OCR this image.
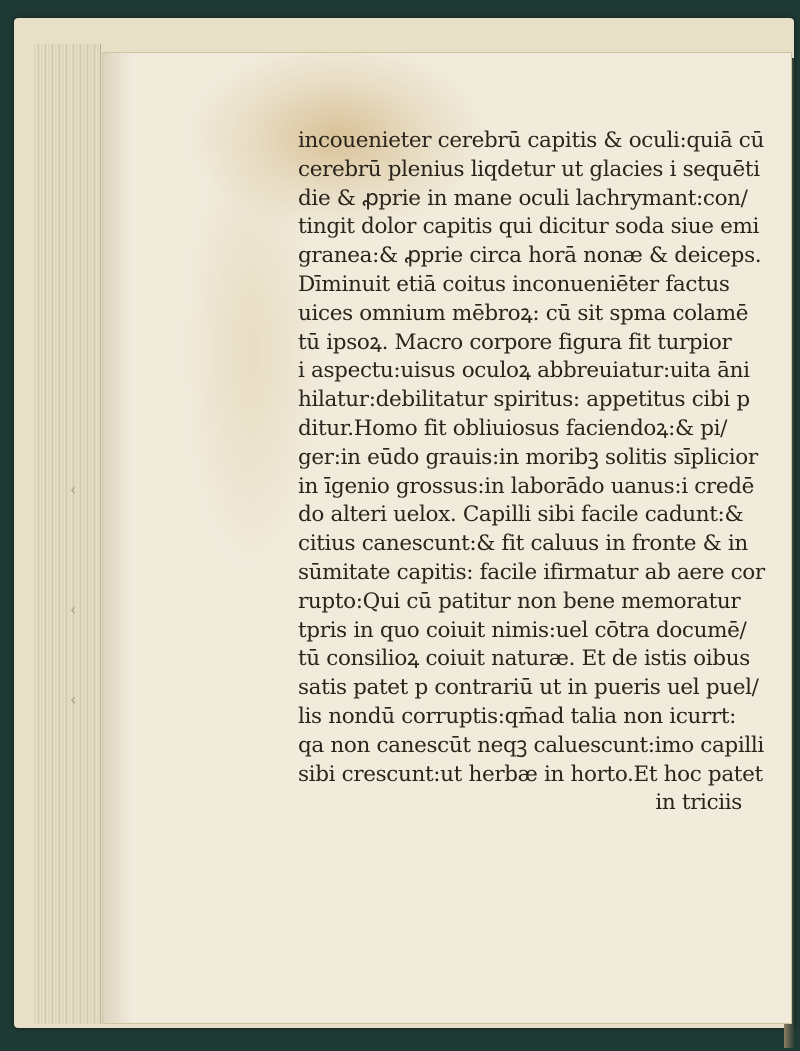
‹
‹
‹
incouenieter cerebrū capitis & oculi:quiā cū
cerebrū plenius liqdetur ut glacies i sequēti
die & ꝓprie in mane oculi lachrymant:con/
tingit dolor capitis qui dicitur soda siue emi
granea:& ꝓprie circa horā nonæ & deiceps.
Dīminuit etiā coitus inconueniēter factus
uices omnium mēbroꝝ: cū sit spma colamē
tū ipsoꝝ. Macro corpore figura fit turpior
i aspectu:uisus oculoꝝ abbreuiatur:uita āni
hilatur:debilitatur spiritus: appetitus cibi p
ditur.Homo fit obliuiosus faciendoꝝ:& pi/
ger:in eūdo grauis:in moribꝫ solitis sīplicior
in īgenio grossus:in laborādo uanus:i credē
do alteri uelox. Capilli sibi facile cadunt:&
citius canescunt:& fit caluus in fronte & in
sūmitate capitis: facile ifirmatur ab aere cor
rupto:Qui cū patitur non bene memoratur
tpris in quo coiuit nimis:uel cōtra documē/
tū consilioꝝ coiuit naturæ. Et de istis oibus
satis patet p contrariū ut in pueris uel puel/
lis nondū corruptis:qm̄ad talia non icurrt:
qa non canescūt neqꝫ caluescunt:imo capilli
sibi crescunt:ut herbæ in horto.Et hoc patet
in triciis
